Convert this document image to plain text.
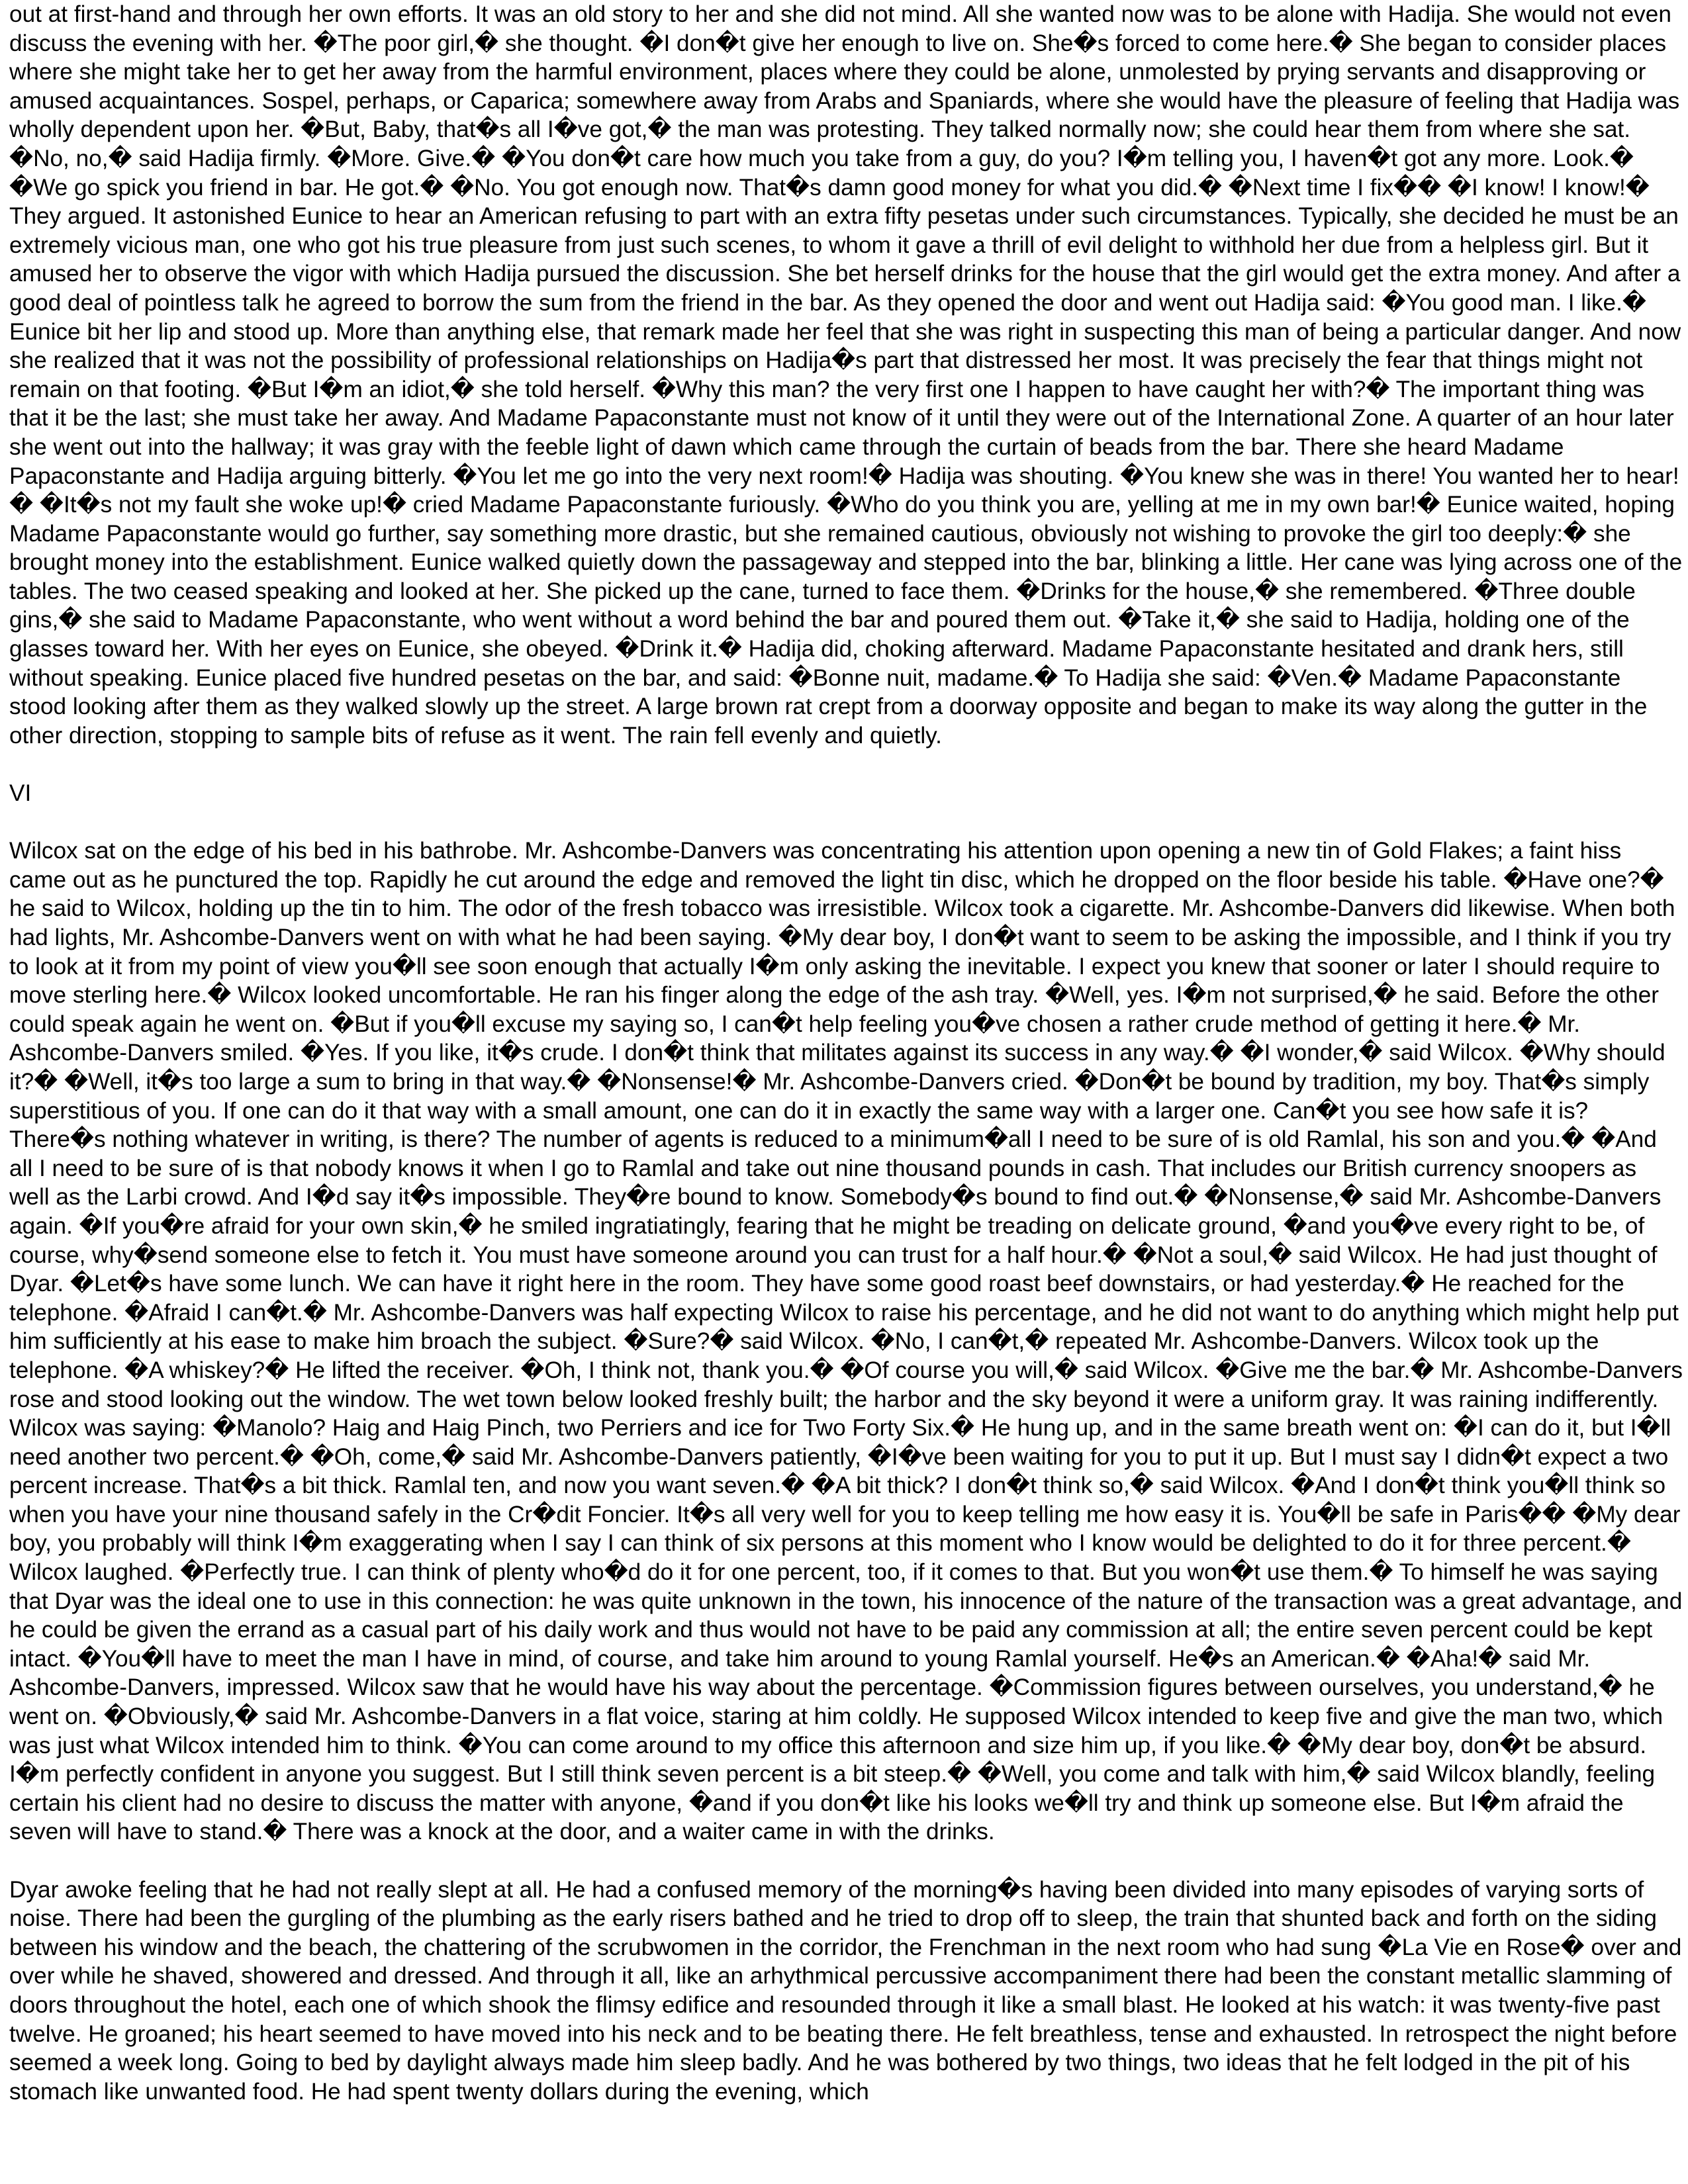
out at first-hand and through her own efforts. It was an old story to her and she did not mind. All she wanted now was to be alone with Hadija. She would not even discuss the evening with her. �The poor girl,� she thought. �I don�t give her enough to live on. She�s forced to come here.� She began to consider places where she might take her to get her away from the harmful environment, places where they could be alone, unmolested by prying servants and disapproving or amused acquaintances. Sospel, perhaps, or Caparica; somewhere away from Arabs and Spaniards, where she would have the pleasure of feeling that Hadija was wholly dependent upon her. �But, Baby, that�s all I�ve got,� the man was protesting. They talked normally now; she could hear them from where she sat. �No, no,� said Hadija firmly. �More. Give.� �You don�t care how much you take from a guy, do you? I�m telling you, I haven�t got any more. Look.� �We go spick you friend in bar. He got.� �No. You got enough now. That�s damn good money for what you did.� �Next time I fix�� �I know! I know!� They argued. It astonished Eunice to hear an American refusing to part with an extra fifty pesetas under such circumstances. Typically, she decided he must be an extremely vicious man, one who got his true pleasure from just such scenes, to whom it gave a thrill of evil delight to withhold her due from a helpless girl. But it amused her to observe the vigor with which Hadija pursued the discussion. She bet herself drinks for the house that the girl would get the extra money. And after a good deal of pointless talk he agreed to borrow the sum from the friend in the bar. As they opened the door and went out Hadija said: �You good man. I like.� Eunice bit her lip and stood up. More than anything else, that remark made her feel that she was right in suspecting this man of being a particular danger. And now she realized that it was not the possibility of professional relationships on Hadija�s part that distressed her most. It was precisely the fear that things might not remain on that footing. �But I�m an idiot,� she told herself. �Why this man? the very first one I happen to have caught her with?� The important thing was that it be the last; she must take her away. And Madame Papaconstante must not know of it until they were out of the International Zone. A quarter of an hour later she went out into the hallway; it was gray with the feeble light of dawn which came through the curtain of beads from the bar. There she heard Madame Papaconstante and Hadija arguing bitterly. �You let me go into the very next room!� Hadija was shouting. �You knew she was in there! You wanted her to hear!� �It�s not my fault she woke up!� cried Madame Papaconstante furiously. �Who do you think you are, yelling at me in my own bar!� Eunice waited, hoping Madame Papaconstante would go further, say something more drastic, but she remained cautious, obviously not wishing to provoke the girl too deeply:� she brought money into the establishment. Eunice walked quietly down the passageway and stepped into the bar, blinking a little. Her cane was lying across one of the tables. The two ceased speaking and looked at her. She picked up the cane, turned to face them. �Drinks for the house,� she remembered. �Three double gins,� she said to Madame Papaconstante, who went without a word behind the bar and poured them out. �Take it,� she said to Hadija, holding one of the glasses toward her. With her eyes on Eunice, she obeyed. �Drink it.� Hadija did, choking afterward. Madame Papaconstante hesitated and drank hers, still without speaking. Eunice placed five hundred pesetas on the bar, and said: �Bonne nuit, madame.� To Hadija she said: �Ven.� Madame Papaconstante stood looking after them as they walked slowly up the street. A large brown rat crept from a doorway opposite and began to make its way along the gutter in the other direction, stopping to sample bits of refuse as it went. The rain fell evenly and quietly.

VI

Wilcox sat on the edge of his bed in his bathrobe. Mr. Ashcombe-Danvers was concentrating his attention upon opening a new tin of Gold Flakes; a faint hiss came out as he punctured the top. Rapidly he cut around the edge and removed the light tin disc, which he dropped on the floor beside his table. �Have one?� he said to Wilcox, holding up the tin to him. The odor of the fresh tobacco was irresistible. Wilcox took a cigarette. Mr. Ashcombe-Danvers did likewise. When both had lights, Mr. Ashcombe-Danvers went on with what he had been saying. �My dear boy, I don�t want to seem to be asking the impossible, and I think if you try to look at it from my point of view you�ll see soon enough that actually I�m only asking the inevitable. I expect you knew that sooner or later I should require to move sterling here.� Wilcox looked uncomfortable. He ran his finger along the edge of the ash tray. �Well, yes. I�m not surprised,� he said. Before the other could speak again he went on. �But if you�ll excuse my saying so, I can�t help feeling you�ve chosen a rather crude method of getting it here.� Mr. Ashcombe-Danvers smiled. �Yes. If you like, it�s crude. I don�t think that militates against its success in any way.� �I wonder,� said Wilcox. �Why should it?� �Well, it�s too large a sum to bring in that way.� �Nonsense!� Mr. Ashcombe-Danvers cried. �Don�t be bound by tradition, my boy. That�s simply superstitious of you. If one can do it that way with a small amount, one can do it in exactly the same way with a larger one. Can�t you see how safe it is? There�s nothing whatever in writing, is there? The number of agents is reduced to a minimum�all I need to be sure of is old Ramlal, his son and you.� �And all I need to be sure of is that nobody knows it when I go to Ramlal and take out nine thousand pounds in cash. That includes our British currency snoopers as well as the Larbi crowd. And I�d say it�s impossible. They�re bound to know. Somebody�s bound to find out.� �Nonsense,� said Mr. Ashcombe-Danvers again. �If you�re afraid for your own skin,� he smiled ingratiatingly, fearing that he might be treading on delicate ground, �and you�ve every right to be, of course, why�send someone else to fetch it. You must have someone around you can trust for a half hour.� �Not a soul,� said Wilcox. He had just thought of Dyar. �Let�s have some lunch. We can have it right here in the room. They have some good roast beef downstairs, or had yesterday.� He reached for the telephone. �Afraid I can�t.� Mr. Ashcombe-Danvers was half expecting Wilcox to raise his percentage, and he did not want to do anything which might help put him sufficiently at his ease to make him broach the subject. �Sure?� said Wilcox. �No, I can�t,� repeated Mr. Ashcombe-Danvers. Wilcox took up the telephone. �A whiskey?� He lifted the receiver. �Oh, I think not, thank you.� �Of course you will,� said Wilcox. �Give me the bar.� Mr. Ashcombe-Danvers rose and stood looking out the window. The wet town below looked freshly built; the harbor and the sky beyond it were a uniform gray. It was raining indifferently. Wilcox was saying: �Manolo? Haig and Haig Pinch, two Perriers and ice for Two Forty Six.� He hung up, and in the same breath went on: �I can do it, but I�ll need another two percent.� �Oh, come,� said Mr. Ashcombe-Danvers patiently, �I�ve been waiting for you to put it up. But I must say I didn�t expect a two percent increase. That�s a bit thick. Ramlal ten, and now you want seven.� �A bit thick? I don�t think so,� said Wilcox. �And I don�t think you�ll think so when you have your nine thousand safely in the Cr�dit Foncier. It�s all very well for you to keep telling me how easy it is. You�ll be safe in Paris�� �My dear boy, you probably will think I�m exaggerating when I say I can think of six persons at this moment who I know would be delighted to do it for three percent.� Wilcox laughed. �Perfectly true. I can think of plenty who�d do it for one percent, too, if it comes to that. But you won�t use them.� To himself he was saying that Dyar was the ideal one to use in this connection: he was quite unknown in the town, his innocence of the nature of the transaction was a great advantage, and he could be given the errand as a casual part of his daily work and thus would not have to be paid any commission at all; the entire seven percent could be kept intact. �You�ll have to meet the man I have in mind, of course, and take him around to young Ramlal yourself. He�s an American.� �Aha!� said Mr. Ashcombe-Danvers, impressed. Wilcox saw that he would have his way about the percentage. �Commission figures between ourselves, you understand,� he went on. �Obviously,� said Mr. Ashcombe-Danvers in a flat voice, staring at him coldly. He supposed Wilcox intended to keep five and give the man two, which was just what Wilcox intended him to think. �You can come around to my office this afternoon and size him up, if you like.� �My dear boy, don�t be absurd. I�m perfectly confident in anyone you suggest. But I still think seven percent is a bit steep.� �Well, you come and talk with him,� said Wilcox blandly, feeling certain his client had no desire to discuss the matter with anyone, �and if you don�t like his looks we�ll try and think up someone else. But I�m afraid the seven will have to stand.� There was a knock at the door, and a waiter came in with the drinks.

Dyar awoke feeling that he had not really slept at all. He had a confused memory of the morning�s having been divided into many episodes of varying sorts of noise. There had been the gurgling of the plumbing as the early risers bathed and he tried to drop off to sleep, the train that shunted back and forth on the siding between his window and the beach, the chattering of the scrubwomen in the corridor, the Frenchman in the next room who had sung �La Vie en Rose� over and over while he shaved, showered and dressed. And through it all, like an arhythmical percussive accompaniment there had been the constant metallic slamming of doors throughout the hotel, each one of which shook the flimsy edifice and resounded through it like a small blast. He looked at his watch: it was twenty-five past twelve. He groaned; his heart seemed to have moved into his neck and to be beating there. He felt breathless, tense and exhausted. In retrospect the night before seemed a week long. Going to bed by daylight always made him sleep badly. And he was bothered by two things, two ideas that he felt lodged in the pit of his stomach like unwanted food. He had spent twenty dollars during the evening, which
